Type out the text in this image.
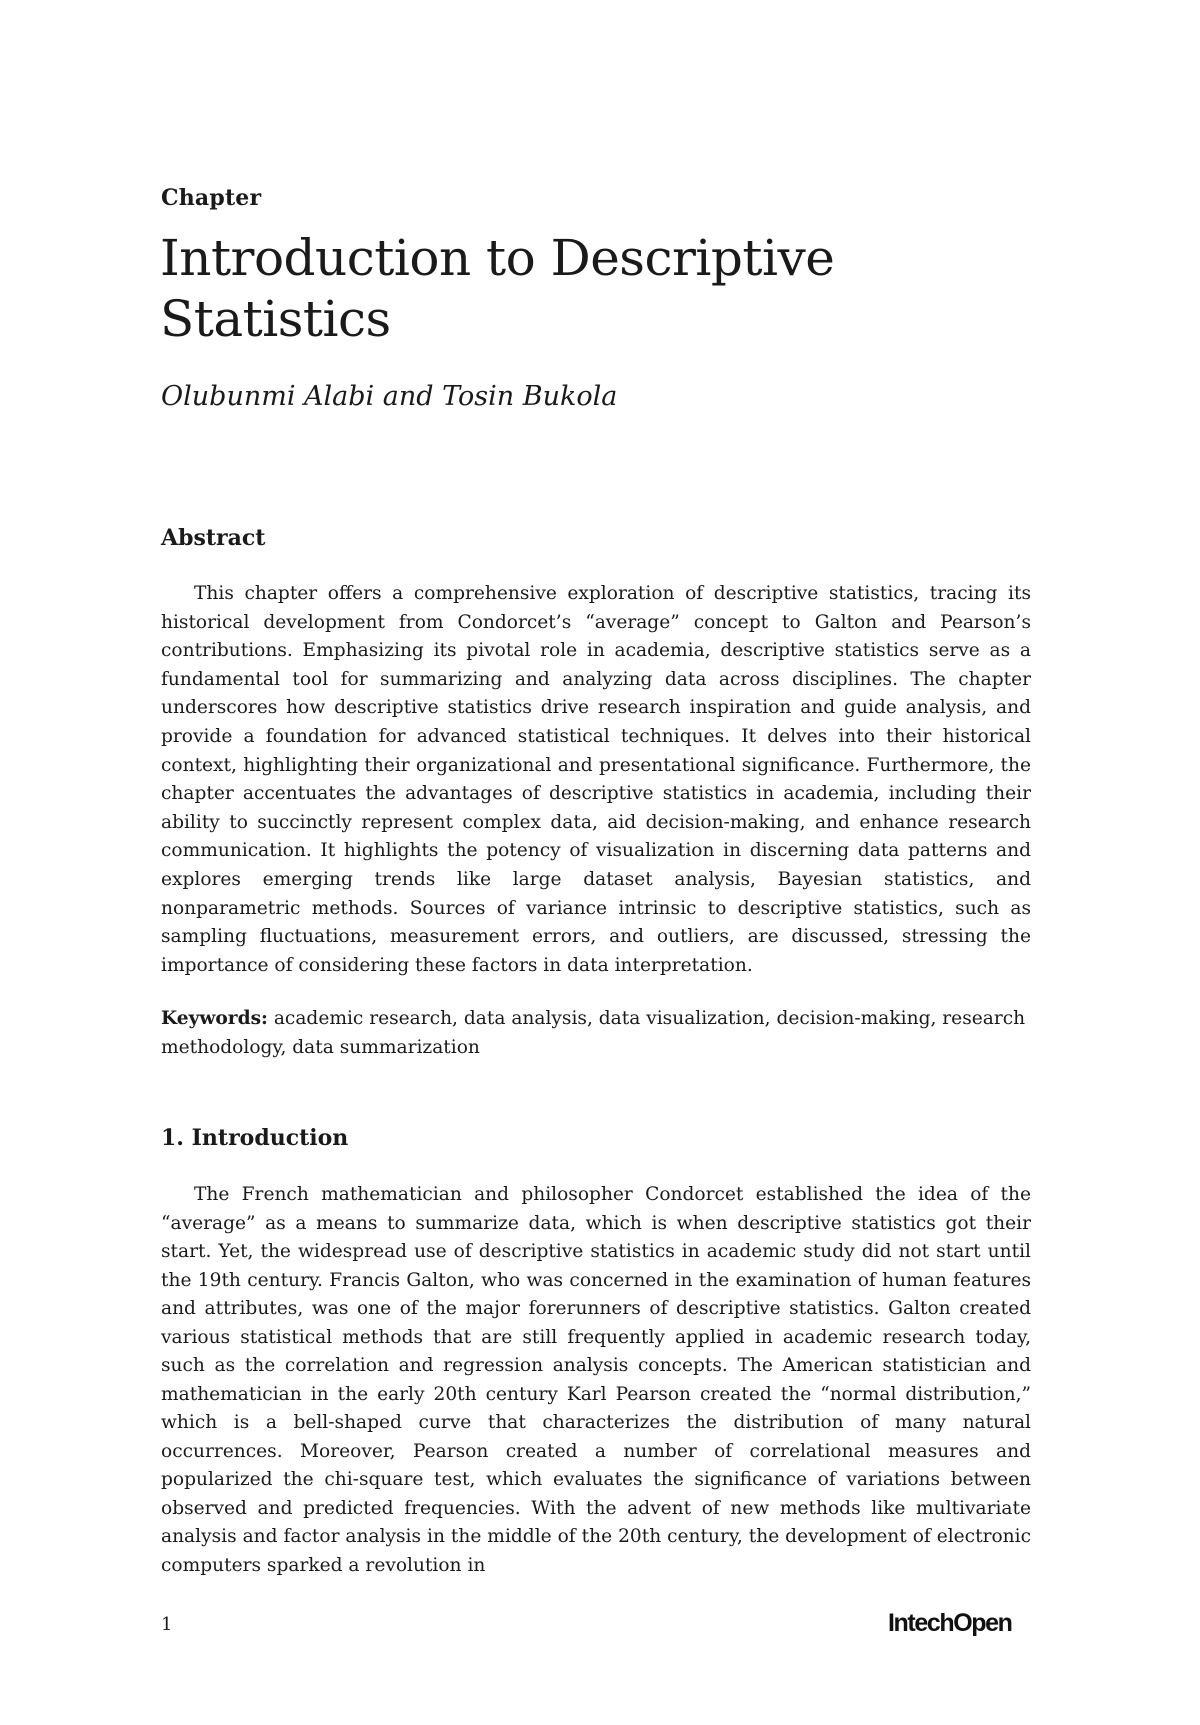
Chapter
Introduction to Descriptive
Statistics
Olubunmi Alabi and Tosin Bukola
Abstract

This chapter offers a comprehensive exploration of descriptive statistics, tracing its historical development from Condorcet’s “average” concept to Galton and Pearson’s contributions. Emphasizing its pivotal role in academia, descriptive statistics serve as a fundamental tool for summarizing and analyzing data across disciplines. The chapter underscores how descriptive statistics drive research inspiration and guide analysis, and provide a foundation for advanced statistical techniques. It delves into their historical context, highlighting their organizational and presentational significance. Furthermore, the chapter accentuates the advantages of descriptive statistics in academia, including their ability to succinctly represent complex data, aid decision-making, and enhance research communication. It highlights the potency of visualization in discerning data patterns and explores emerging trends like large dataset analysis, Bayesian statistics, and nonparametric methods. Sources of variance intrinsic to descriptive statistics, such as sampling fluctuations, measurement errors, and outliers, are discussed, stressing the importance of considering these factors in data interpretation.

Keywords: academic research, data analysis, data visualization, decision-making, research methodology, data summarization

1. Introduction

The French mathematician and philosopher Condorcet established the idea of the “average” as a means to summarize data, which is when descriptive statistics got their start. Yet, the widespread use of descriptive statistics in academic study did not start until the 19th century. Francis Galton, who was concerned in the examination of human features and attributes, was one of the major forerunners of descriptive statistics. Galton created various statistical methods that are still frequently applied in academic research today, such as the correlation and regression analysis concepts. The American statistician and mathematician in the early 20th century Karl Pearson created the “normal distribution,” which is a bell-shaped curve that characterizes the distribution of many natural occurrences. Moreover, Pearson created a number of correlational measures and popularized the chi-square test, which evaluates the significance of variations between observed and predicted frequencies. With the advent of new methods like multivariate analysis and factor analysis in the middle of the 20th century, the development of electronic computers sparked a revolution in

1	IntechOpen
